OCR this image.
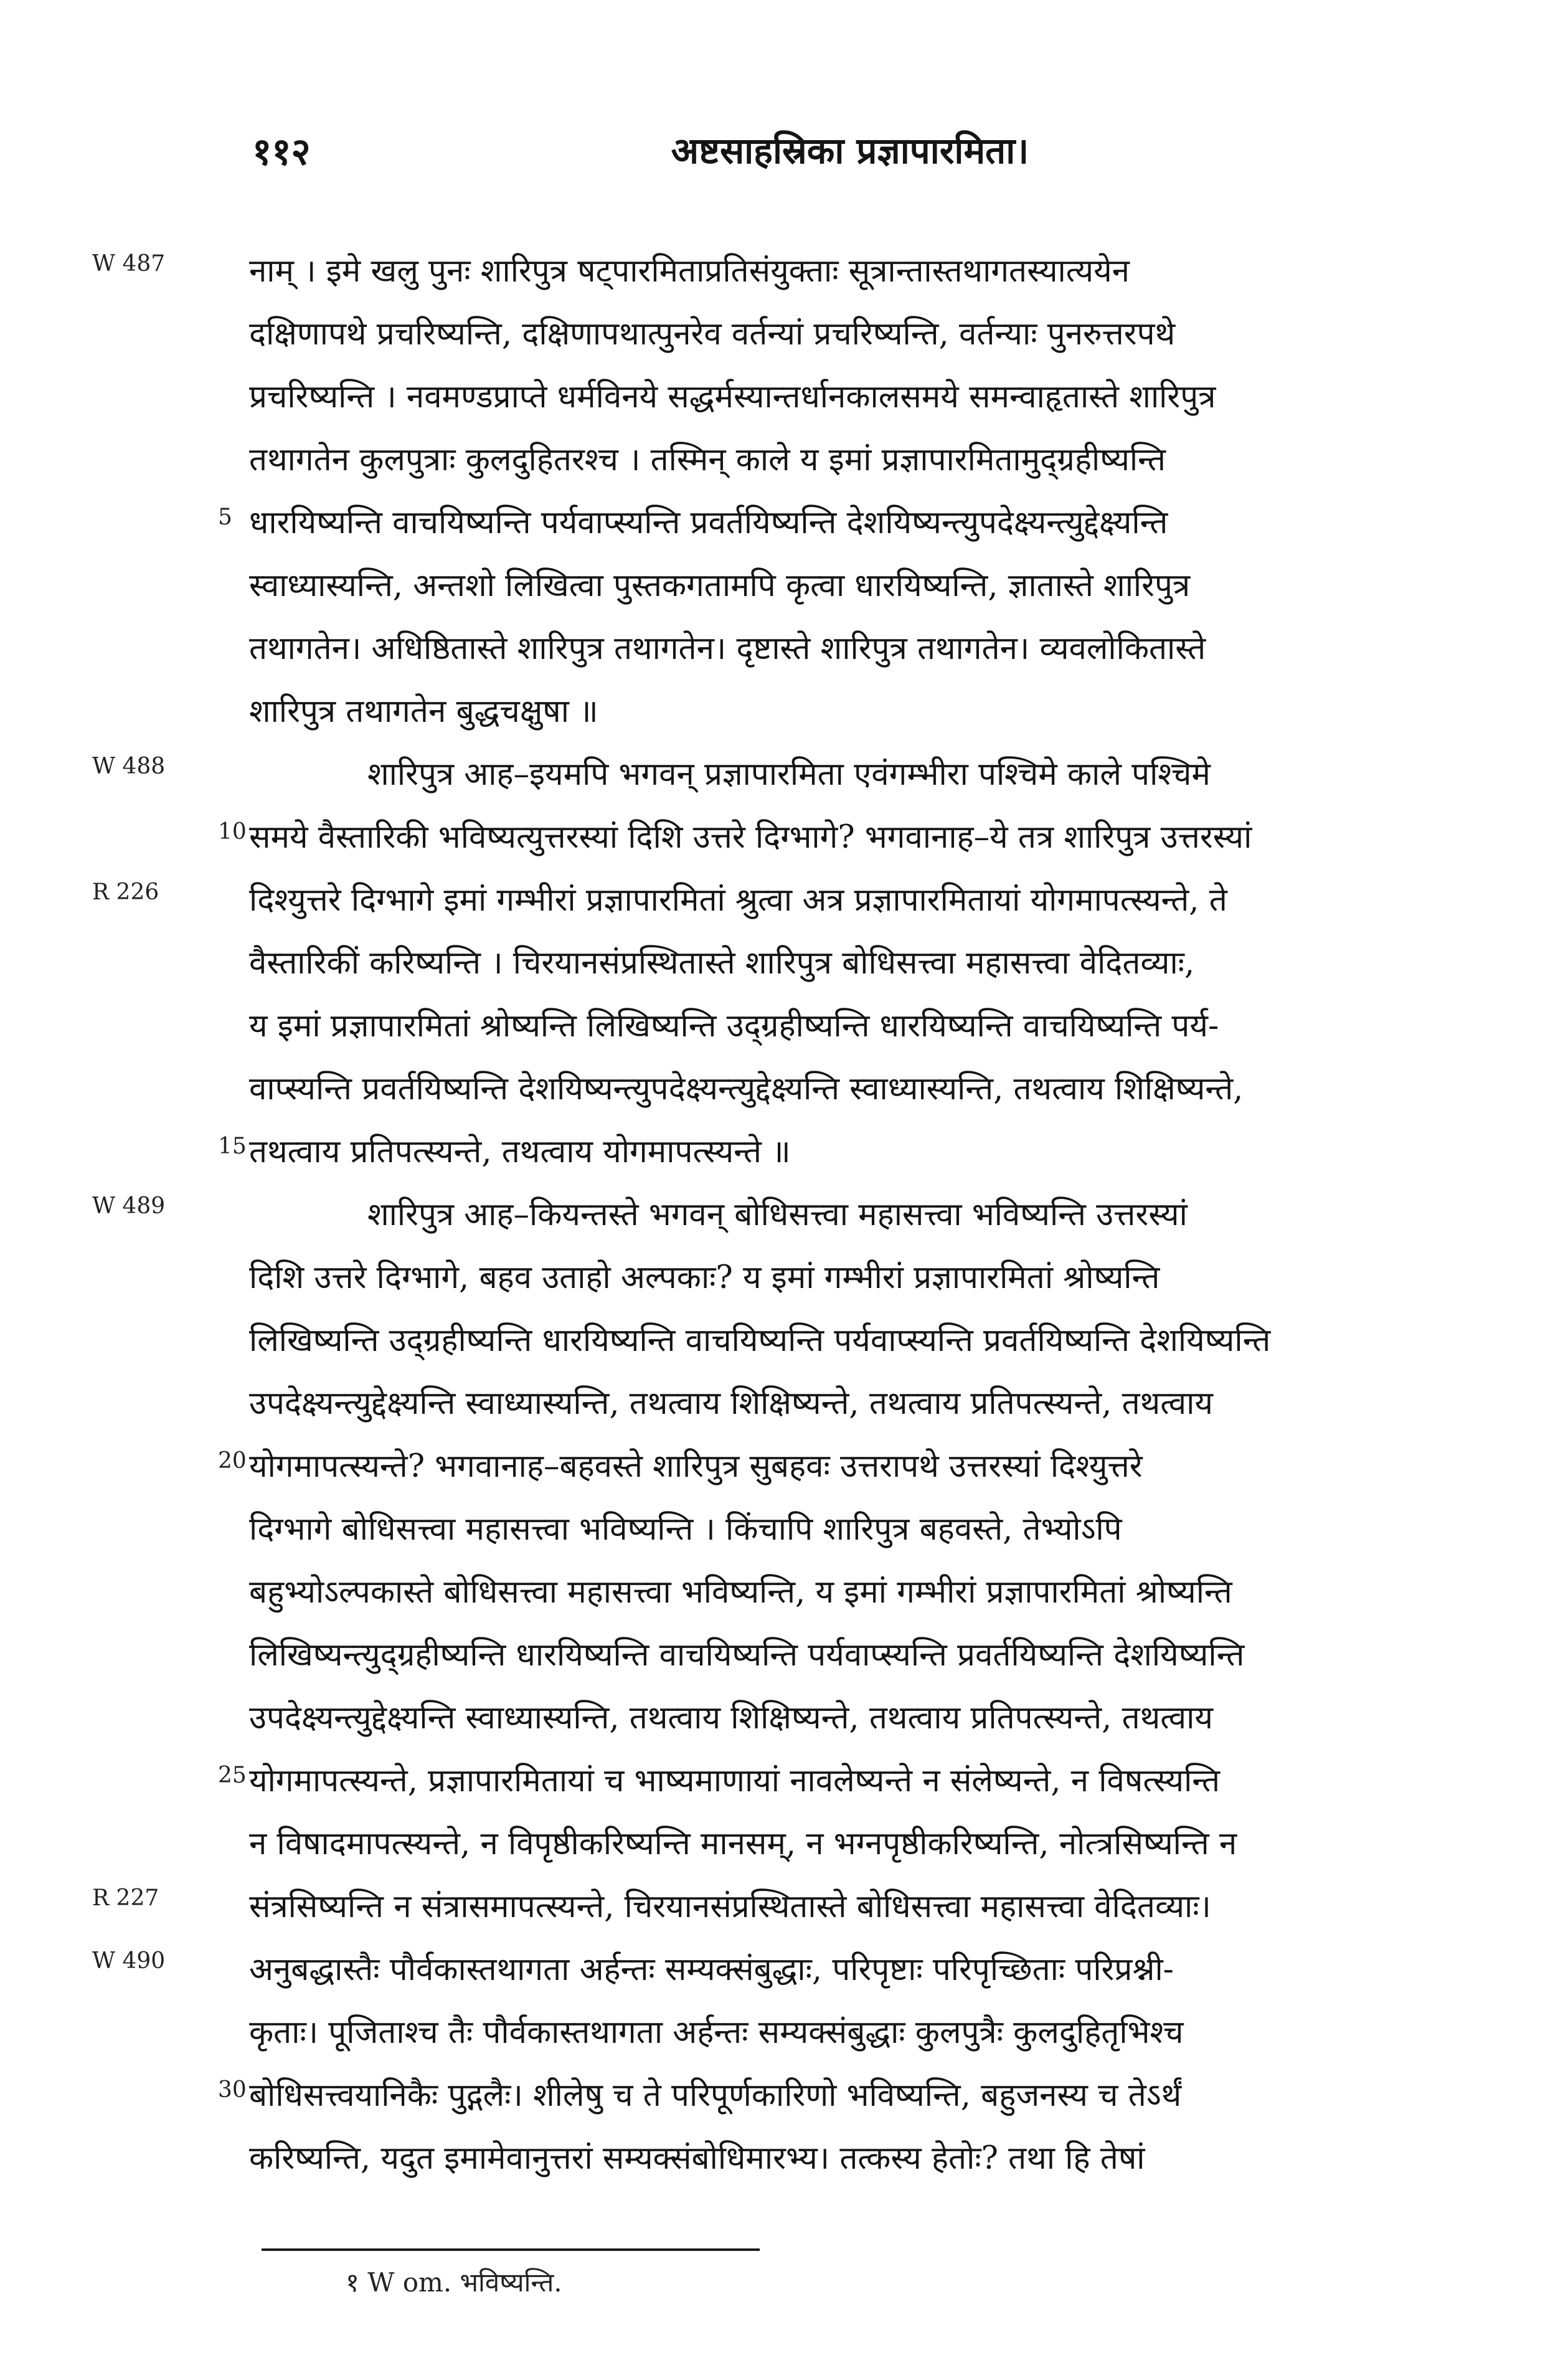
११२	अष्टसाहस्रिका प्रज्ञापारमिता।
W 487
W 488
R 226
W 489
R 227
W 490
5
10
15
20
25
30
नाम् । इमे खलु पुनः शारिपुत्र षट्पारमिताप्रतिसंयुक्ताः सूत्रान्तास्तथागतस्यात्ययेन
दक्षिणापथे प्रचरिष्यन्ति, दक्षिणापथात्पुनरेव वर्तन्यां प्रचरिष्यन्ति, वर्तन्याः पुनरुत्तरपथे
प्रचरिष्यन्ति । नवमण्डप्राप्ते धर्मविनये सद्धर्मस्यान्तर्धानकालसमये समन्वाहृतास्ते शारिपुत्र
तथागतेन कुलपुत्राः कुलदुहितरश्च । तस्मिन् काले य इमां प्रज्ञापारमितामुद्ग्रहीष्यन्ति
धारयिष्यन्ति वाचयिष्यन्ति पर्यवाप्स्यन्ति प्रवर्तयिष्यन्ति देशयिष्यन्त्युपदेक्ष्यन्त्युद्देक्ष्यन्ति
स्वाध्यास्यन्ति, अन्तशो लिखित्वा पुस्तकगतामपि कृत्वा धारयिष्यन्ति, ज्ञातास्ते शारिपुत्र
तथागतेन। अधिष्ठितास्ते शारिपुत्र तथागतेन। दृष्टास्ते शारिपुत्र तथागतेन। व्यवलोकितास्ते
शारिपुत्र तथागतेन बुद्धचक्षुषा ॥
शारिपुत्र आह–इयमपि भगवन् प्रज्ञापारमिता एवंगम्भीरा पश्चिमे काले पश्चिमे
समये वैस्तारिकी भविष्यत्युत्तरस्यां दिशि उत्तरे दिग्भागे? भगवानाह–ये तत्र शारिपुत्र उत्तरस्यां
दिश्युत्तरे दिग्भागे इमां गम्भीरां प्रज्ञापारमितां श्रुत्वा अत्र प्रज्ञापारमितायां योगमापत्स्यन्ते, ते
वैस्तारिकीं करिष्यन्ति । चिरयानसंप्रस्थितास्ते शारिपुत्र बोधिसत्त्वा महासत्त्वा वेदितव्याः,
य इमां प्रज्ञापारमितां श्रोष्यन्ति लिखिष्यन्ति उद्ग्रहीष्यन्ति धारयिष्यन्ति वाचयिष्यन्ति पर्य-
वाप्स्यन्ति प्रवर्तयिष्यन्ति देशयिष्यन्त्युपदेक्ष्यन्त्युद्देक्ष्यन्ति स्वाध्यास्यन्ति, तथत्वाय शिक्षिष्यन्ते,
तथत्वाय प्रतिपत्स्यन्ते, तथत्वाय योगमापत्स्यन्ते ॥
शारिपुत्र आह–कियन्तस्ते भगवन् बोधिसत्त्वा महासत्त्वा भविष्यन्ति उत्तरस्यां
दिशि उत्तरे दिग्भागे, बहव उताहो अल्पकाः? य इमां गम्भीरां प्रज्ञापारमितां श्रोष्यन्ति
लिखिष्यन्ति उद्ग्रहीष्यन्ति धारयिष्यन्ति वाचयिष्यन्ति पर्यवाप्स्यन्ति प्रवर्तयिष्यन्ति देशयिष्यन्ति
उपदेक्ष्यन्त्युद्देक्ष्यन्ति स्वाध्यास्यन्ति, तथत्वाय शिक्षिष्यन्ते, तथत्वाय प्रतिपत्स्यन्ते, तथत्वाय
योगमापत्स्यन्ते? भगवानाह–बहवस्ते शारिपुत्र सुबहवः उत्तरापथे उत्तरस्यां दिश्युत्तरे
दिग्भागे बोधिसत्त्वा महासत्त्वा भविष्यन्ति । किंचापि शारिपुत्र बहवस्ते, तेभ्योऽपि
बहुभ्योऽल्पकास्ते बोधिसत्त्वा महासत्त्वा भविष्यन्ति, य इमां गम्भीरां प्रज्ञापारमितां श्रोष्यन्ति
लिखिष्यन्त्युद्ग्रहीष्यन्ति धारयिष्यन्ति वाचयिष्यन्ति पर्यवाप्स्यन्ति प्रवर्तयिष्यन्ति देशयिष्यन्ति
उपदेक्ष्यन्त्युद्देक्ष्यन्ति स्वाध्यास्यन्ति, तथत्वाय शिक्षिष्यन्ते, तथत्वाय प्रतिपत्स्यन्ते, तथत्वाय
योगमापत्स्यन्ते, प्रज्ञापारमितायां च भाष्यमाणायां नावलेष्यन्ते न संलेष्यन्ते, न विषत्स्यन्ति
न विषादमापत्स्यन्ते, न विपृष्ठीकरिष्यन्ति मानसम्, न भग्नपृष्ठीकरिष्यन्ति, नोत्त्रसिष्यन्ति न
संत्रसिष्यन्ति न संत्रासमापत्स्यन्ते, चिरयानसंप्रस्थितास्ते बोधिसत्त्वा महासत्त्वा वेदितव्याः।
अनुबद्धास्तैः पौर्वकास्तथागता अर्हन्तः सम्यक्संबुद्धाः, परिपृष्टाः परिपृच्छिताः परिप्रश्नी-
कृताः। पूजिताश्च तैः पौर्वकास्तथागता अर्हन्तः सम्यक्संबुद्धाः कुलपुत्रैः कुलदुहितृभिश्च
बोधिसत्त्वयानिकैः पुद्गलैः। शीलेषु च ते परिपूर्णकारिणो भविष्यन्ति, बहुजनस्य च तेऽर्थं
करिष्यन्ति, यदुत इमामेवानुत्तरां सम्यक्संबोधिमारभ्य। तत्कस्य हेतोः? तथा हि तेषां
१ W om. भविष्यन्ति.
